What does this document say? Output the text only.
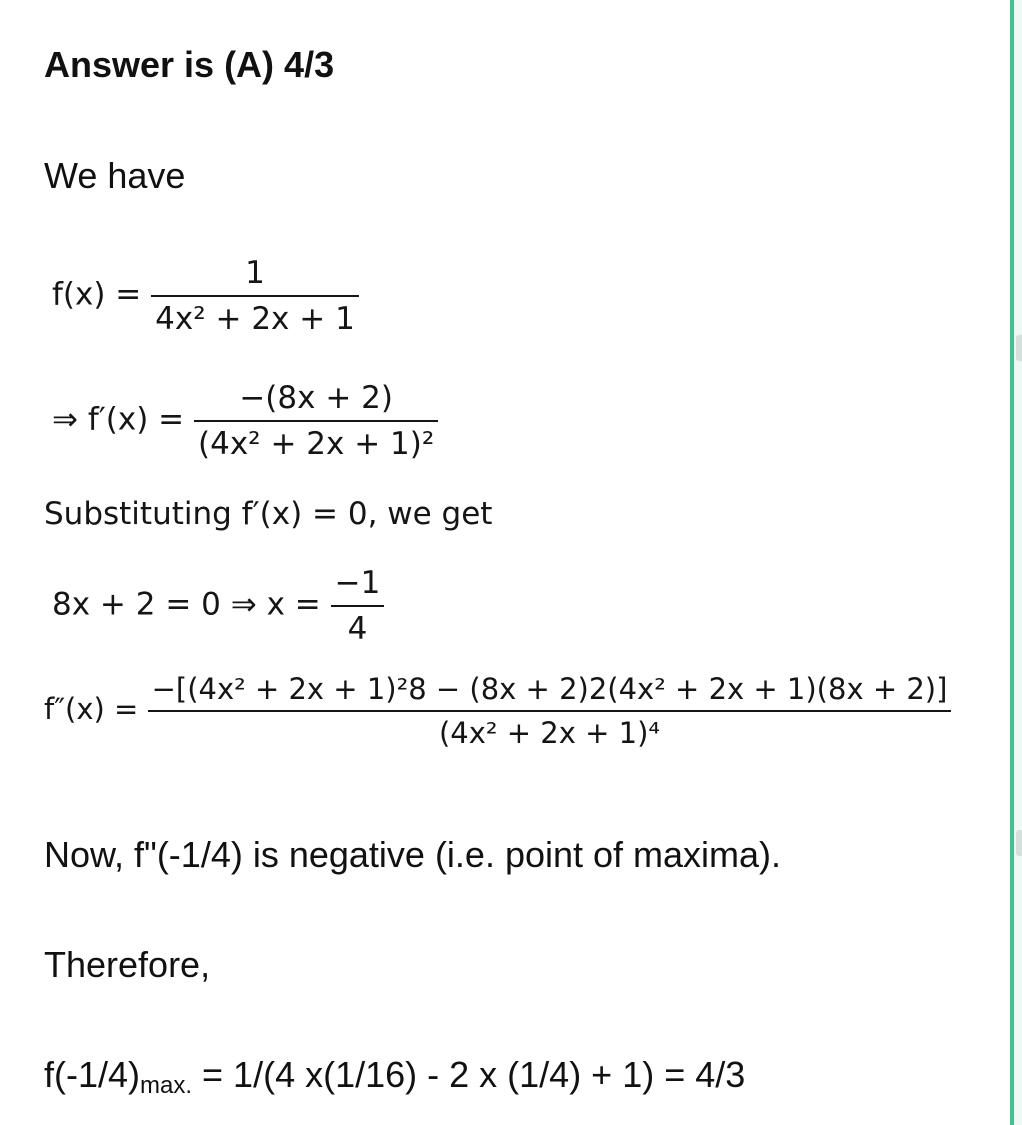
Answer is (A) 4/3
We have
$f(x) = \frac{1}{\text{4x² + 2x + 1}}$
⇒ $f'(x) = \frac{-(8x + 2)}{\text{(4x² + 2x + 1)²}}$
Substituting f′(x) = 0, we get
8x + 2 = 0 ⇒ $x = \frac{-1}{4}$
$f''(x) = \frac{\text{−[(4x² + 2x + 1)²8 − (8x + 2)2(4x² + 2x + 1)(8x + 2)]}}{\text{(4x² + 2x + 1)⁴}}$
Now, f"(-1/4) is negative (i.e. point of maxima).
Therefore,
$f(-1/4)_{max.} = 1/(4$ x(1/16) - 2 x (1/4) + 1) = 4/3
